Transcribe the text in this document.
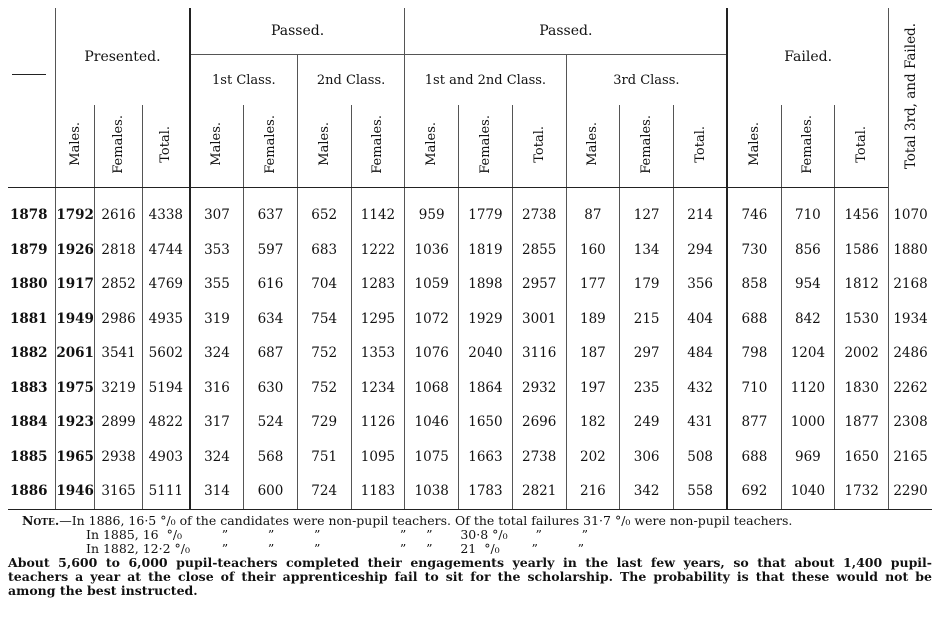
	Presented.			Passed.				Passed.						Failed.			Total 3rd, and Failed.
				1st Class.		2nd Class.		1st and 2nd Class.			3rd Class.						
	Males.	Females.	Total.	Males.	Females.	Males.	Females.	Males.	Females.	Total.	Males.	Females.	Total.	Males.	Females.	Total.	

1878	1792	2616	4338	307	637	652	1142	959	1779	2738	87	127	214	746	710	1456	1070
1879	1926	2818	4744	353	597	683	1222	1036	1819	2855	160	134	294	730	856	1586	1880
1880	1917	2852	4769	355	616	704	1283	1059	1898	2957	177	179	356	858	954	1812	2168
1881	1949	2986	4935	319	634	754	1295	1072	1929	3001	189	215	404	688	842	1530	1934
1882	2061	3541	5602	324	687	752	1353	1076	2040	3116	187	297	484	798	1204	2002	2486
1883	1975	3219	5194	316	630	752	1234	1068	1864	2932	197	235	432	710	1120	1830	2262
1884	1923	2899	4822	317	524	729	1126	1046	1650	2696	182	249	431	877	1000	1877	2308
1885	1965	2938	4903	324	568	751	1095	1075	1663	2738	202	306	508	688	969	1650	2165
1886	1946	3165	5111	314	600	724	1183	1038	1783	2821	216	342	558	692	1040	1732	2290
Note.—In 1886, 16·5 °/₀ of the candidates were non-pupil teachers. Of the total failures 31·7 °/₀ were non-pupil teachers.
In 1885, 16  °/₀          ”          ”          ”                    ”     ”       30·8 °/₀       ”          ”
In 1882, 12·2 °/₀        ”          ”          ”                    ”     ”       21  °/₀        ”          ”
About 5,600 to 6,000 pupil-teachers completed their engagements yearly in the last few years, so that about 1,400 pupil-
teachers a year at the close of their apprenticeship fail to sit for the scholarship. The probability is that these would not be
among the best instructed.
